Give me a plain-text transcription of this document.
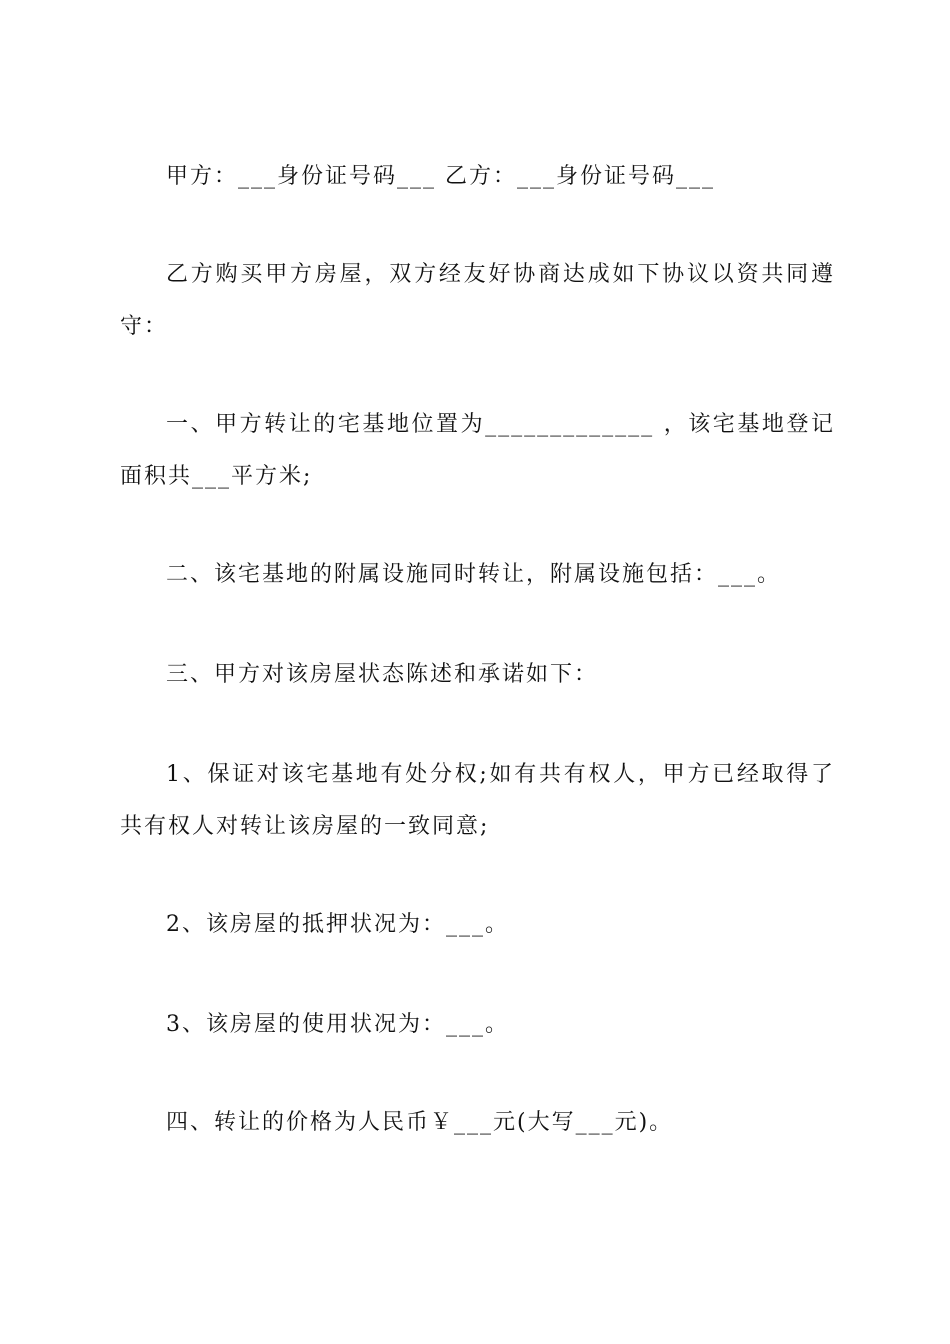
甲方：___身份证号码___ 乙方：___身份证号码___
乙方购买甲方房屋，双方经友好协商达成如下协议以资共同遵
守：
一、甲方转让的宅基地位置为_____________ ，该宅基地登记
面积共___平方米;
二、该宅基地的附属设施同时转让，附属设施包括：___。
三、甲方对该房屋状态陈述和承诺如下：
1、保证对该宅基地有处分权;如有共有权人，甲方已经取得了
共有权人对转让该房屋的一致同意;
2、该房屋的抵押状况为：___。
3、该房屋的使用状况为：___。
四、转让的价格为人民币￥___元(大写___元)。
